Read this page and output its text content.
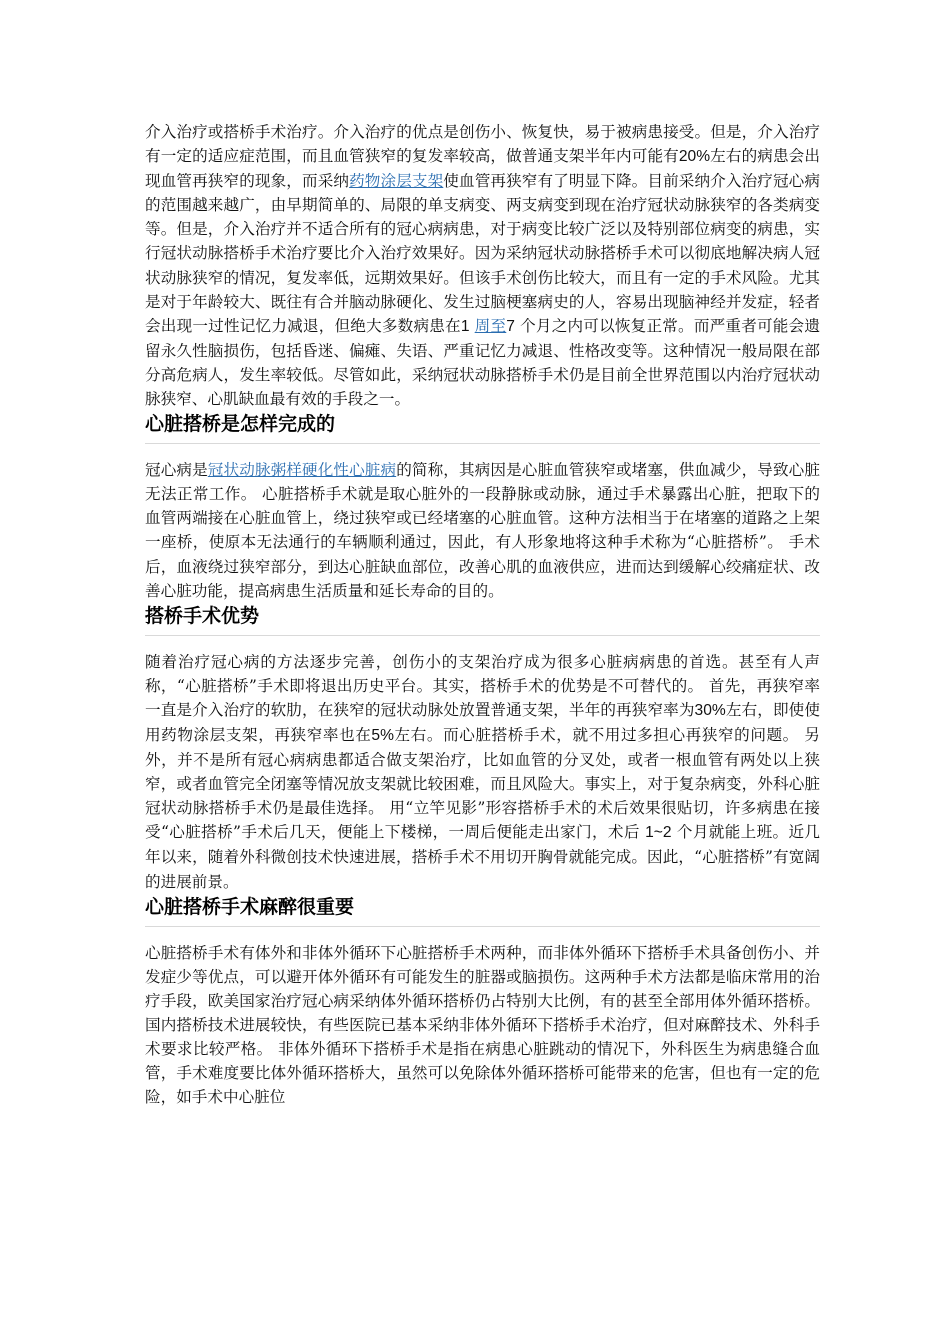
介入治疗或搭桥手术治疗。介入治疗的优点是创伤小、恢复快，易于被病患接受。但是，介入治疗有一定的适应症范围，而且血管狭窄的复发率较高，做普通支架半年内可能有20%左右的病患会出现血管再狭窄的现象，而采纳药物涂层支架使血管再狭窄有了明显下降。目前采纳介入治疗冠心病的范围越来越广，由早期简单的、局限的单支病变、两支病变到现在治疗冠状动脉狭窄的各类病变等。但是，介入治疗并不适合所有的冠心病病患，对于病变比较广泛以及特别部位病变的病患，实行冠状动脉搭桥手术治疗要比介入治疗效果好。因为采纳冠状动脉搭桥手术可以彻底地解决病人冠状动脉狭窄的情况，复发率低，远期效果好。但该手术创伤比较大，而且有一定的手术风险。尤其是对于年龄较大、既往有合并脑动脉硬化、发生过脑梗塞病史的人，容易出现脑神经并发症，轻者会出现一过性记忆力减退，但绝大多数病患在1 周至7 个月之内可以恢复正常。而严重者可能会遗留永久性脑损伤，包括昏迷、偏瘫、失语、严重记忆力减退、性格改变等。这种情况一般局限在部分高危病人，发生率较低。尽管如此，采纳冠状动脉搭桥手术仍是目前全世界范围以内治疗冠状动脉狭窄、心肌缺血最有效的手段之一。

心脏搭桥是怎样完成的

冠心病是冠状动脉粥样硬化性心脏病的简称，其病因是心脏血管狭窄或堵塞，供血减少，导致心脏无法正常工作。 心脏搭桥手术就是取心脏外的一段静脉或动脉，通过手术暴露出心脏，把取下的血管两端接在心脏血管上，绕过狭窄或已经堵塞的心脏血管。这种方法相当于在堵塞的道路之上架一座桥，使原本无法通行的车辆顺利通过，因此，有人形象地将这种手术称为“心脏搭桥”。 手术后，血液绕过狭窄部分，到达心脏缺血部位，改善心肌的血液供应，进而达到缓解心绞痛症状、改善心脏功能，提高病患生活质量和延长寿命的目的。

搭桥手术优势

随着治疗冠心病的方法逐步完善，创伤小的支架治疗成为很多心脏病病患的首选。甚至有人声称，“心脏搭桥”手术即将退出历史平台。其实，搭桥手术的优势是不可替代的。 首先，再狭窄率一直是介入治疗的软肋，在狭窄的冠状动脉处放置普通支架，半年的再狭窄率为30%左右，即使使用药物涂层支架，再狭窄率也在5%左右。而心脏搭桥手术，就不用过多担心再狭窄的问题。 另外，并不是所有冠心病病患都适合做支架治疗，比如血管的分叉处，或者一根血管有两处以上狭窄，或者血管完全闭塞等情况放支架就比较困难，而且风险大。事实上，对于复杂病变，外科心脏冠状动脉搭桥手术仍是最佳选择。 用“立竿见影”形容搭桥手术的术后效果很贴切，许多病患在接受“心脏搭桥”手术后几天，便能上下楼梯，一周后便能走出家门，术后 1~2 个月就能上班。近几年以来，随着外科微创技术快速进展，搭桥手术不用切开胸骨就能完成。因此，“心脏搭桥”有宽阔的进展前景。

心脏搭桥手术麻醉很重要

心脏搭桥手术有体外和非体外循环下心脏搭桥手术两种，而非体外循环下搭桥手术具备创伤小、并发症少等优点，可以避开体外循环有可能发生的脏器或脑损伤。这两种手术方法都是临床常用的治疗手段，欧美国家治疗冠心病采纳体外循环搭桥仍占特别大比例，有的甚至全部用体外循环搭桥。国内搭桥技术进展较快，有些医院已基本采纳非体外循环下搭桥手术治疗，但对麻醉技术、外科手术要求比较严格。 非体外循环下搭桥手术是指在病患心脏跳动的情况下，外科医生为病患缝合血管，手术难度要比体外循环搭桥大，虽然可以免除体外循环搭桥可能带来的危害，但也有一定的危险，如手术中心脏位
